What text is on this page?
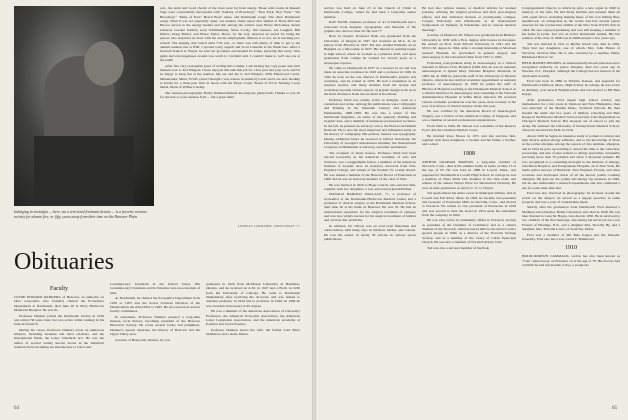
Indulging in nostalgia — here, via a tent-sized freshman beanie — is a favorite reunion activity for alumni five, or fifty, years away from their time on the Hanover Plain.

s.m., the spirit and vocal chords of the class were far from sleepy. Those with rooms in Russell Sage were conveniently surrounded with "Lullaby of Broadway," "New York, New York," "On Broadway," "Duke of Earl," Beach Boys' tunes, and Dartmouth songs. The other Dartmouth songs. What it was not especially quiet, our reunion chairs report that alumni of Theta Delt and Heorot served as the energy leaders and that among the wailers were Bruce McCaskey, Kevin Johnson, Gordon Schlich, Gary Schillhammer, Steve Coolly, Jim Gleason, Jon Laughrn, Bill Pellow, Doug Bristol, and Bruce Taylor. Bravo, by the way, deserves an award for being the person who surprised us most with his soloist employment. Believe it or not, he is teaching pre-school! The singing only lasted until 7:30 a.m., so there was still plenty of time to get to the alumni reunion run at 8:00. I spotted Larry Appell and Scott Lanzarie at the finish line. After a farewell brunch at Thayer we said our goodbyes and headed for home, knowing that every class game and ever-happiness around was worth it. Cicchetti said. I couldn't make it, we'll see you at the tenth!

After five very reasonable years of writing this column, I am turning my copy paper and such manual over to Ted Wingate. I have enjoyed this task this job for a fun year and your own, and I'd be happy to keep fun at the reunion. My ear and his to Ted Wingate, 4700 Emerwood Circle, Minnetonka, Minn. 55343. (And I thought I was remote in Atlanta!) Cards and it are now heading to Kevin for a three-year stint in Seoul with the Peace Corps. Board of Ed in Nursing Corps hands. Mark of Wilbur Lassing.

Our reunion photographer Bobby finished himself shooting the guided talk. Thanks to you all for the ride to your reunion. Kid — but a great time!

LINDSAY LARRABEE GREENAWAY '77
Obituaries
Faculty

CLYDE EDWARD DANKERT, of Hanover, an authority on labor economics who formerly chaired the Economics Department at Dartmouth, died June 20 at Mary Hitchcock Memorial Hospital. He was 81.

Professor Dankert joined the Dartmouth faculty in 1930 and retired 36 years later, but was active while walking in his farm in Norwich.

During his career, Professor Dankert wrote on numerous subjects, including business and labor relations, and the International Bank, the Labor Standards Act. He was the author of several widely known books in the industrial relations field, including An Introduction to Labor and

Contemporary Unionism in the United States. His Contemporary Unionism and Its Structure was an economist of time.

At Dartmouth, he chaired the Economics Department from 1950 to 1955 and the Social Sciences Division of the Dartmouth in the mid-1950s to 1963. He also served on several faculty committees.

In retirement, Professor Dankert pursued a long-time interest, local history, becoming president of the Hanover Historical Society. He wrote several books and pamphlets, Dankert's special expertise, the history of Hanover and the Upper Valley area.

A native of Hepworth, Ontario, he was

graduated in 1926 from McMaster University in Hamilton, Ontario, and he received an A.M. in 1927 and a Ph.D. in 1930 from the University of Chicago. He came to Dartmouth immediately after receiving his doctorate and was named to assistant professor in 1934 and to professor in 1946. In 1966 he was awarded an honorary A.M. degree.

He was a member of the American Association of University Professors, the American Economic Association, the American Labor Legislation Association, and the American Academy of Political and Social Science.

Professor Dankert leaves his wife, the former Lura Mary Slemmon; and a sister, Helen.

64

service was held on June 23 at the Church of Christ at Dartmouth College, where he had been a long-time senior member.

RAY NASH, emeritus professor of art at Dartmouth and a renowned book designer, typographer, and historian of the graphic arts, died on June 29. He was 77.

Born in Oregon, Professor Nash was graduated from the University of Oregon in 1927 and received an M.A. in art history from Harvard in 1947. He also studied Printeals art in Belgium on a fellowship in 1937. His interest in printing began in high school, where he worked as a printer's devil, and upon graduation from college he worked for several years as a newspaper reporter.

He came to Dartmouth in 1937 as a lecturer in art and was made an associate professor in 1943 and a professor in 1949. In 1945 he took on the role director of Dartmouth's graphic arts workshop, and he retired in 1970. He had a reputation as an inspired teacher, and many students from his lecture and workshops became various aspects of graphic design work on in the field. Professor Nash also lectured at Rochester.

Professor Nash was widely active as designer, work as a consultant and writer. Among his publications were Calligraphy and Printing in the Sixteenth Century and American Penmanship, 1800–1850. He was also a writer of The Dartmouth magazine, an editor of the quarterly Printing and Graphic Arts, and a member of numerous professional societies. In the fall, he pursued an advisory role to the Boston and Miami Railroad. He is also the most important and influential study on the history of calligraphy. His primary interest was typography. During additional honor he received at Oxford University, the University of Georgia's Renaissance Institute, the International Congress on Humanism at Antwerp, and other institutions.

The recipient of many honors, Professor Nash had been elected honorarily in the American Academy of Arts and Sciences, was a Guggenheim fellow, a member of the American Institute of Graphic Arts, an honorary doctorate from New England College, and winner of the Frederic W. Goudy Award. He was named a member of the Hanover Board of Education in 1960 and he was an honorary member of the class of 1941.

He was married in 1929 to Hope Crouch, who survives him, together with two daughters, a son, and several grandchildren.

DONALD HAROLD WALLACE, 71, a professor of economics at the Dartmouth-Hitchcock Medical Center and a professor of clinical surgery at the Dartmouth Medical School, died June 30 at his home in Hanover. He was 70. He had an international reputation for the surgical treatment of epilepsy and was also widely known for his surgical treatment of lumbar and cervical disc problems.

In addition, Dr. Wilson was an avid trout fisherman and outdoorsman, with many trips in Vermont, Maine, and Canada. He was the author of nearly 30 articles in various sports publications.

He had also written dozens of medical articles for learned journals, advising his surgical practices and their post-surgical effects, and had delivered lectures at participating colleges. Colgate University and Dartmouth, as an International Symposium on Epilepsy in Yokohama, and in various medical meetings.

A native of Montreal, Dr. Wilson was graduated from Bishop's University in 1939 with a B.A. degree with honors in literature. He earned an M.A. from McGill University in 1941 and his M.D.C.M. degree in 1944. After a rotating internship at Montreal General Hospital, he specialized in general surgery and neurosurgery at the Cleveland Clinic from 1957 to 1962.

Following post-graduate study in neurosurgery as a clinical assistant at Ottawa Civic Hospital (1962–63), he was an assistant neurosurgeon at Queen Mary Veterans Hospital, Montreal, in 1963–64. In 1964 he joined the staff of the University of Western Ontario, where he also held an academic appointment as assistant professor of neurosurgery. In 1966 he joined the staff of Hitchcock Hospital, teaching at the Dartmouth Medical School as a clinical instructor in neurosurgery and consulting at the Veterans Administration Hospital in White River Junction. He received various academic promotions over the years, most recently to the post of professor of clinical surgery earlier this year.

He was certified by the American Board of Neurological Surgery, was a Fellow of the American College of Surgeons, and was a member of several professional organizations.

From 1962 to 1969, Dr. Wilson was a member of the Reserve Force and the Canadian Medical Corps.

He married Rosa Moore in 1971 and she survives him, together with three daughters, a brother and his father, a brother, and a sister.

1908

ARTHUR GRAHAM BARTON, a long-time resident of Norwich, Conn., died at his summer home in Lyme on May 15 at the age of 93. He was born in 1886 in Lowell, Mass., and prepared for Dartmouth at Lowell High School. In college he was a member of Theta Delta Chi, member of the class team, and winner of the annual Thayer Prize for Mechanical Drawing. He won an after-graduation re-turn fo C. E. to Thayer.

Ted spent almost his entire career in municipal utilities, first in Lowell and Fall River, Mass. In 1926, he became vice-president and treasurer of Pawtucket Mills in Talcville, Conn., and moved to Norwich. We retired as vice president of Pawtucket in 1958 and was second to then the board in 1954 upon his retirement from the company in 1962.

He was very active in community affairs in Norwich, serving as president of the Chamber of Commerce and as a charter member of the Norwich, which honored him for his service with a special plaque in 1960, as a director of the Norwich Savings Society, and as a member of the vestry of Christ Episcopal Church. He was also a member of Norwich Rotary Club.

Ted was also a devoted member of the Peak

Congregational Church, to which he gave a new organ in 1960 in memory of his wife. He had many hobbies and pursued them all with equal fervor, including making many of his own fishing flies, needlework, an antiquarian in the works and had several pieces selected for the Connecticut exhibit at the New York World's Fair in 1964. He also enjoyed gardening and was still helping a summer at his home in Lyme. Ted was an active Dartmouth alumni. His last reunion of the class of 1908 was in 1968 and just a few years ago.

Ted was married in 1911 to Bertha Jewell who died in 1964. They had two daughters, one of whom, Mrs. John Batten of Norwich, survives him. He is also survived by a nephew, Henry Hammond Barton '32.

HELD-HAINES DEGERN, an internationally known historian and a recognized authority on police allergies, died two years ago in Newark, N.J., Hospital, although the College has not learned of his death until recently.

Fred was born in 1882 in Wichita, Kansas, and prepared for Dartmouth at Melrose, Mass., High School. In college, he was active in debating, won several English prizes and was elected to Phi Beta Kappa.

After graduation, Fred taught high school science and mathematics for a few years in Vermont and New Hampshire, then was principal of the Malden Mass., Standard Schools. He then headed the ninth and two years of military schooling and Beta Kappa in the Hanover Medical School and later it the Department on Chicago's Medical School. But dropped out of school to join the Army. He attended the University of Pennsylvania Medical School, where he received his M.D. in 1916.

About 1920 he began an intensive study of pollens to relieve and help diverse pollen allergy sufferers, and to his knowledge of those in the pollen allergies among the reports of this institute, allergists, and in 1954 he gave up teaching to devote his time to the collection, processing, and sale of pure pollens to allergy specialists, eventually servicing more than 70 patients and about 2 thousand patients. He was recognized as a consulting biologist to the Institute of Allergy, Cincinnati Hospital, and Postgraduate Hospital, all of New York. He made pollen surveys of Bermuda, New England, Florida, and other locations and developed charts of all the known pollen counting allergens. He gave up the pollen and allergy lay business in 1946, but he also maintained a research experiments and also continued a use for some time after that.

Fred was also involved in photography: he lectured around the world on the subject; he served as a supply preacher in some projects; and was a poet of considerable talent.

Shortly after his graduation from Dartmouth, Fred married a Methuen schoolteacher, Helen Cleveland, who died in 1928. He was later married to Lena M. Hayes, who died in 1950. He is survived by two children of the first marriage, and among his survivors are a son Francis of Hastings, N.Y., and a daughter Mrs. Dorothy Hy, and a daughter, Mrs. Priscilla Lewis, of Sault Ste. Marie.

Fred was a member of Phi Beta Kappa and the Masonic fraternity. Fred also has a son, Lewis F. Hammond.

1910

HOLM-NORTON CAMMACK, widow has also been known as "Cub," joined away on February 12 at the age of 78. His doctors had told him he had but months to live, a prognosis

65
